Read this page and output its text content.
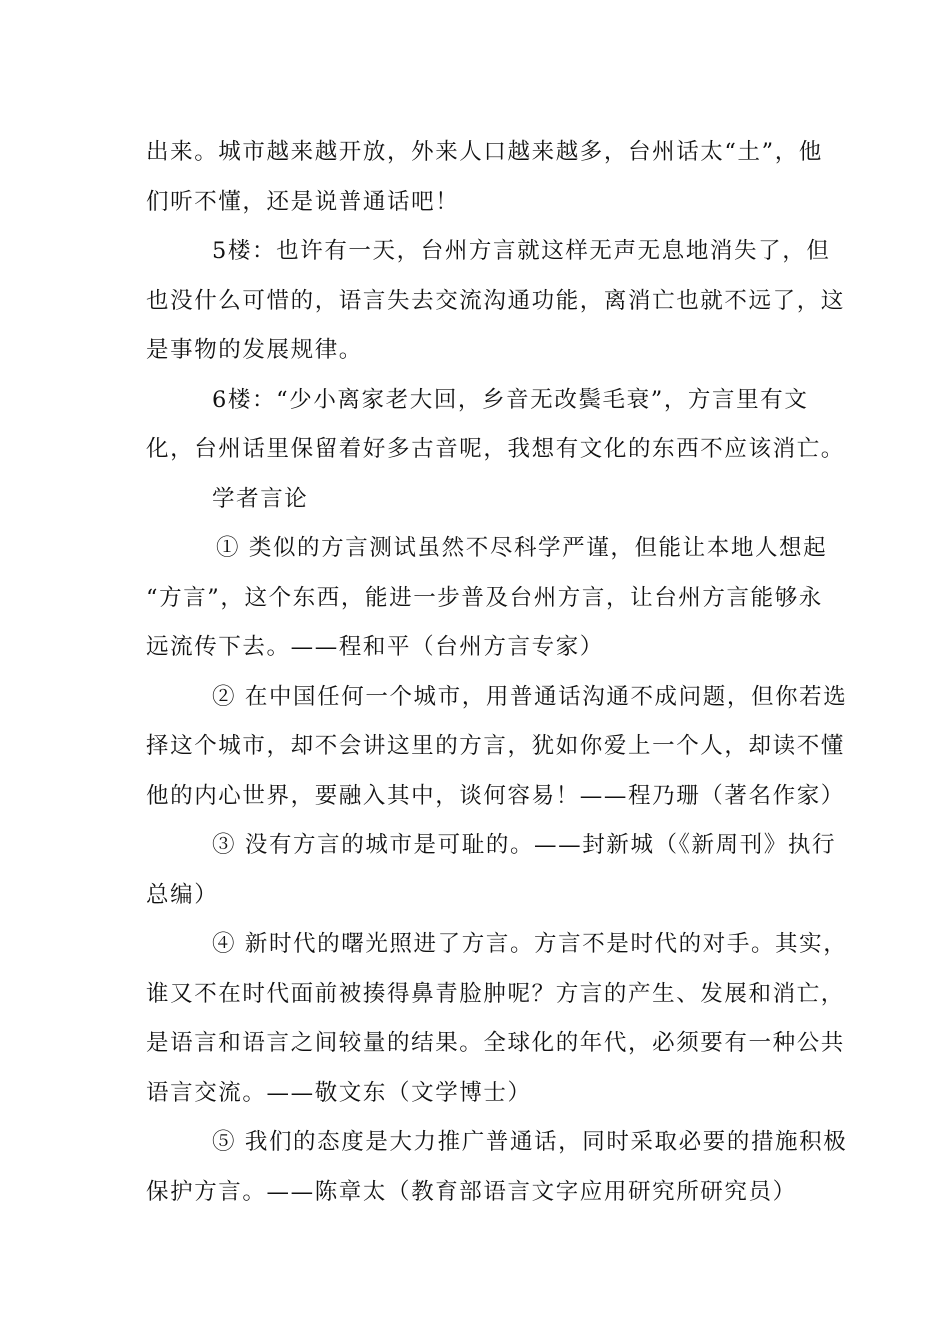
出来。城市越来越开放，外来人口越来越多，台州话太“土”，他
们听不懂，还是说普通话吧！
5楼：也许有一天，台州方言就这样无声无息地消失了，但
也没什么可惜的，语言失去交流沟通功能，离消亡也就不远了，这
是事物的发展规律。
6楼：“少小离家老大回，乡音无改鬓毛衰”，方言里有文
化，台州话里保留着好多古音呢，我想有文化的东西不应该消亡。
学者言论
① 类似的方言测试虽然不尽科学严谨，但能让本地人想起
“方言”，这个东西，能进一步普及台州方言，让台州方言能够永
远流传下去。——程和平（台州方言专家）
② 在中国任何一个城市，用普通话沟通不成问题，但你若选
择这个城市，却不会讲这里的方言，犹如你爱上一个人，却读不懂
他的内心世界，要融入其中，谈何容易！——程乃珊（著名作家）
③ 没有方言的城市是可耻的。——封新城（《新周刊》执行
总编）
④ 新时代的曙光照进了方言。方言不是时代的对手。其实，
谁又不在时代面前被揍得鼻青脸肿呢？方言的产生、发展和消亡，
是语言和语言之间较量的结果。全球化的年代，必须要有一种公共
语言交流。——敬文东（文学博士）
⑤ 我们的态度是大力推广普通话，同时采取必要的措施积极
保护方言。——陈章太（教育部语言文字应用研究所研究员）
